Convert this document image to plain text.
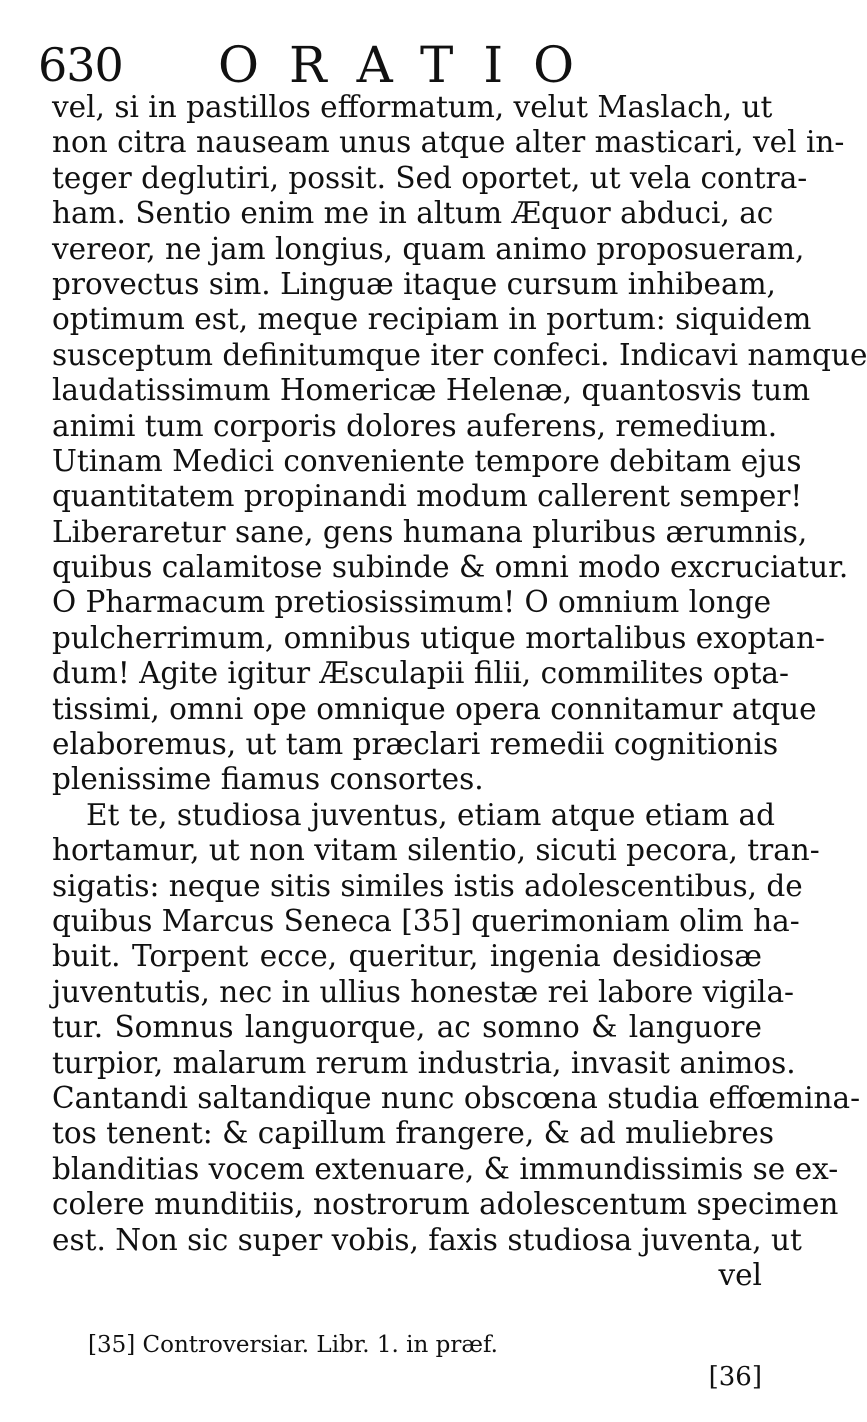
630 ORATIO
vel, si in pastillos efformatum, velut Maslach, ut
non citra nauseam unus atque alter masticari, vel in-
teger deglutiri, possit. Sed oportet, ut vela contra-
ham. Sentio enim me in altum Æquor abduci, ac
vereor, ne jam longius, quam animo proposueram,
provectus sim. Linguæ itaque cursum inhibeam,
optimum est, meque recipiam in portum: siquidem
susceptum definitumque iter confeci. Indicavi namque
laudatissimum Homericæ Helenæ, quantosvis tum
animi tum corporis dolores auferens, remedium.
Utinam Medici conveniente tempore debitam ejus
quantitatem propinandi modum callerent semper!
Liberaretur sane, gens humana pluribus ærumnis,
quibus calamitose subinde & omni modo excruciatur.
O Pharmacum pretiosissimum! O omnium longe
pulcherrimum, omnibus utique mortalibus exoptan-
dum! Agite igitur Æsculapii filii, commilites opta-
tissimi, omni ope omnique opera connitamur atque
elaboremus, ut tam præclari remedii cognitionis
plenissime fiamus consortes.
Et te, studiosa juventus, etiam atque etiam ad
hortamur, ut non vitam silentio, sicuti pecora, tran-
sigatis: neque sitis similes istis adolescentibus, de
quibus Marcus Seneca [35] querimoniam olim ha-
buit. Torpent ecce, queritur, ingenia desidiosæ
juventutis, nec in ullius honestæ rei labore vigila-
tur. Somnus languorque, ac somno & languore
turpior, malarum rerum industria, invasit animos.
Cantandi saltandique nunc obscœna studia effœmina-
tos tenent: & capillum frangere, & ad muliebres
blanditias vocem extenuare, & immundissimis se ex-
colere munditiis, nostrorum adolescentum specimen
est. Non sic super vobis, faxis studiosa juventa, ut
vel
[35] Controversiar. Libr. 1. in præf.
[36]
